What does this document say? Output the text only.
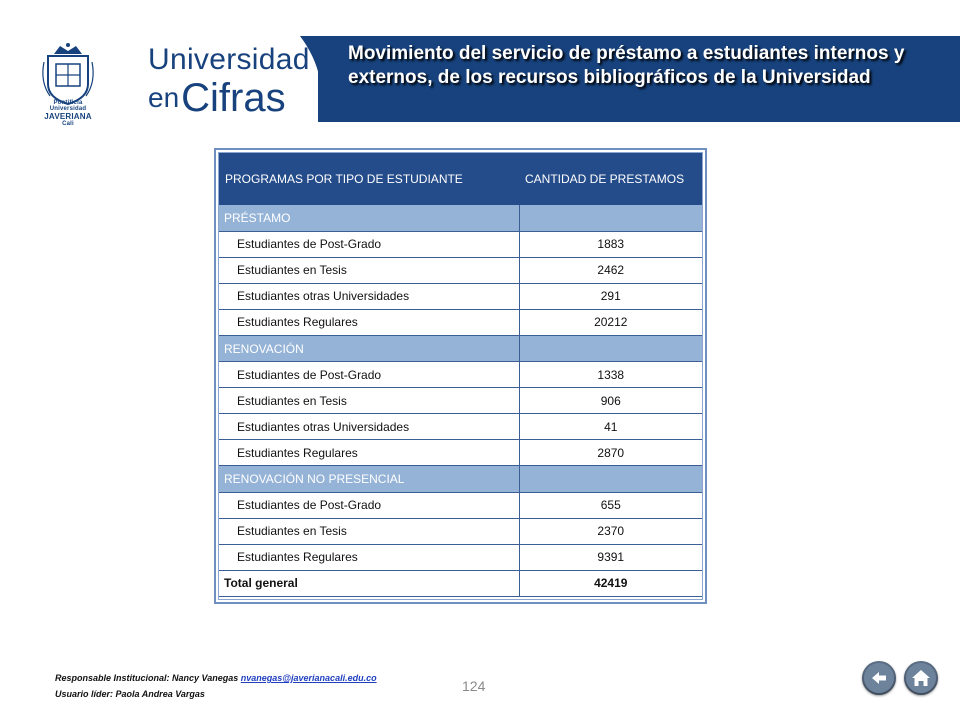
Pontificia Universidad
JAVERIANA
Cali
Universidad
enCifras
Movimiento del servicio de préstamo a estudiantes internos y externos, de los recursos bibliográficos de la Universidad
PROGRAMAS POR TIPO DE ESTUDIANTE	CANTIDAD DE PRESTAMOS
PRÉSTAMO	
Estudiantes de Post-Grado	1883
Estudiantes en Tesis	2462
Estudiantes otras Universidades	291
Estudiantes Regulares	20212
RENOVACIÓN	
Estudiantes de Post-Grado	1338
Estudiantes en Tesis	906
Estudiantes otras Universidades	41
Estudiantes Regulares	2870
RENOVACIÓN NO PRESENCIAL	
Estudiantes de Post-Grado	655
Estudiantes en Tesis	2370
Estudiantes Regulares	9391
Total general	42419
Responsable Institucional: Nancy Vanegas nvanegas@javerianacali.edu.co
Usuario líder: Paola Andrea Vargas	124
